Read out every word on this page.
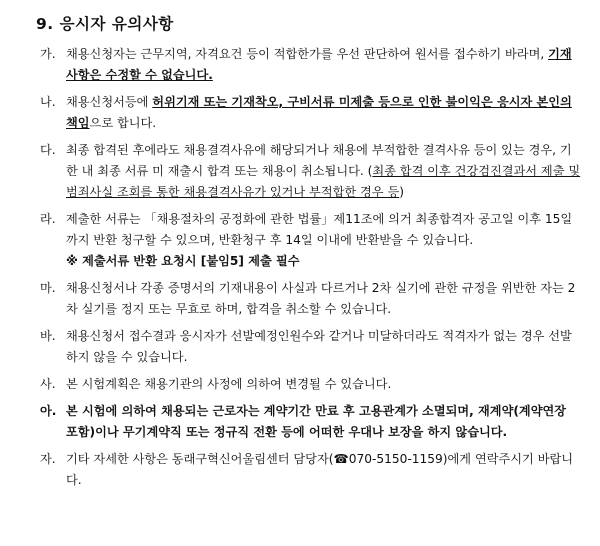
9. 응시자 유의사항
가. 채용신청자는 근무지역, 자격요건 등이 적합한가를 우선 판단하여 원서를 접수하기 바라며, 기재사항은 수정할 수 없습니다.
나. 채용신청서등에 허위기재 또는 기재착오, 구비서류 미제출 등으로 인한 불이익은 응시자 본인의 책임으로 합니다.
다. 최종 합격된 후에라도 채용결격사유에 해당되거나 채용에 부적합한 결격사유 등이 있는 경우, 기한 내 최종 서류 미 재출시 합격 또는 채용이 취소됩니다. (최종 합격 이후 건강검진결과서 제출 및 범죄사실 조회를 통한 채용결격사유가 있거나 부적합한 경우 등)
라. 제출한 서류는 「채용절차의 공정화에 관한 법률」제11조에 의거 최종합격자 공고일 이후 15일까지 반환 청구할 수 있으며, 반환청구 후 14일 이내에 반환받을 수 있습니다.
※ 제출서류 반환 요청시 [붙임5] 제출 필수
마. 채용신청서나 각종 증명서의 기재내용이 사실과 다르거나 2차 실기에 관한 규정을 위반한 자는 2차 실기를 정지 또는 무효로 하며, 합격을 취소할 수 있습니다.
바. 채용신청서 접수결과 응시자가 선발예정인원수와 같거나 미달하더라도 적격자가 없는 경우 선발하지 않을 수 있습니다.
사. 본 시험계획은 채용기관의 사정에 의하여 변경될 수 있습니다.
아. 본 시험에 의하여 채용되는 근로자는 계약기간 만료 후 고용관계가 소멸되며, 재계약(계약연장 포함)이나 무기계약직 또는 정규직 전환 등에 어떠한 우대나 보장을 하지 않습니다.
자. 기타 자세한 사항은 동래구혁신어울림센터 담당자(☎070-5150-1159)에게 연락주시기 바랍니다.
